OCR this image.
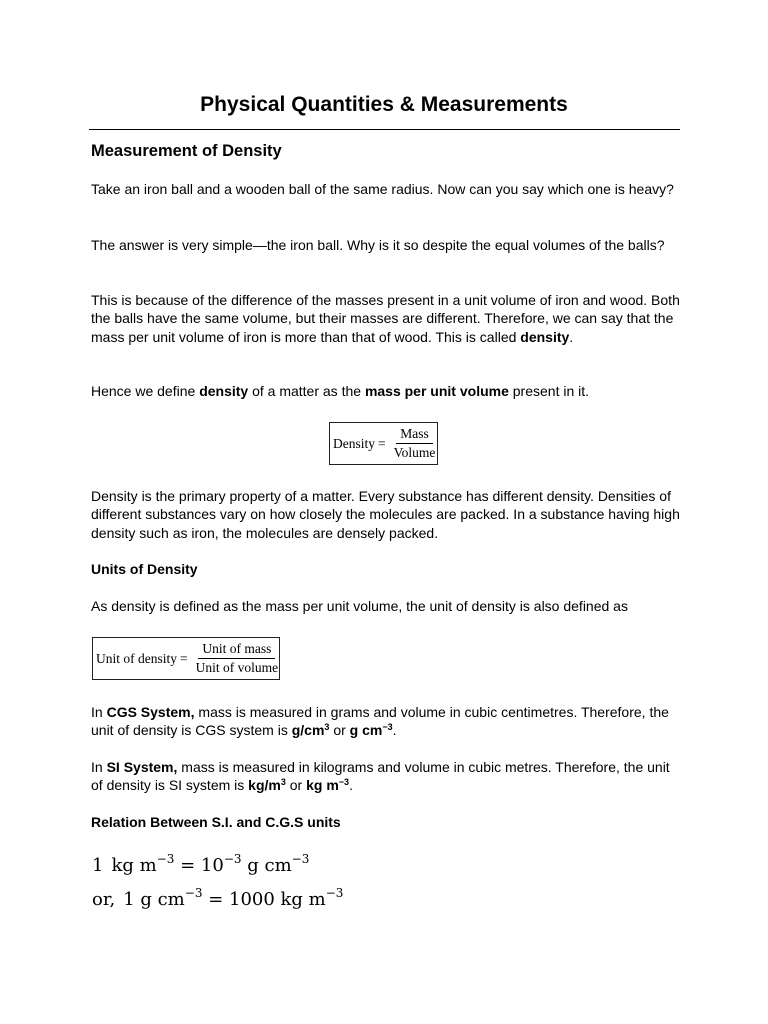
Physical Quantities & Measurements
Measurement of Density

Take an iron ball and a wooden ball of the same radius. Now can you say which one is heavy?

The answer is very simple—the iron ball. Why is it so despite the equal volumes of the balls?

This is because of the difference of the masses present in a unit volume of iron and wood. Both the balls have the same volume, but their masses are different. Therefore, we can say that the mass per unit volume of iron is more than that of wood. This is called density.

Hence we define density of a matter as the mass per unit volume present in it.

Density = $\frac{\text{Mass}}{\text{Volume}}$

Density is the primary property of a matter. Every substance has different density. Densities of different substances vary on how closely the molecules are packed. In a substance having high density such as iron, the molecules are densely packed.

Units of Density

As density is defined as the mass per unit volume, the unit of density is also defined as

Unit of density = $\frac{\text{Unit of mass}}{\text{Unit of volume}}$

In CGS System, mass is measured in grams and volume in cubic centimetres. Therefore, the unit of density is CGS system is $g/cm^3$ or g $cm^{-3}$.

In SI System, mass is measured in kilograms and volume in cubic metres. Therefore, the unit of density is SI system is $kg/m^3$ or kg $m^{-3}$.

Relation Between S.I. and C.G.S units
1 kg $m^{-3} = 10^{-3}$ g $cm^{-3}$
or, 1 g $cm^{-3} = 1000$ kg $m^{-3}$
